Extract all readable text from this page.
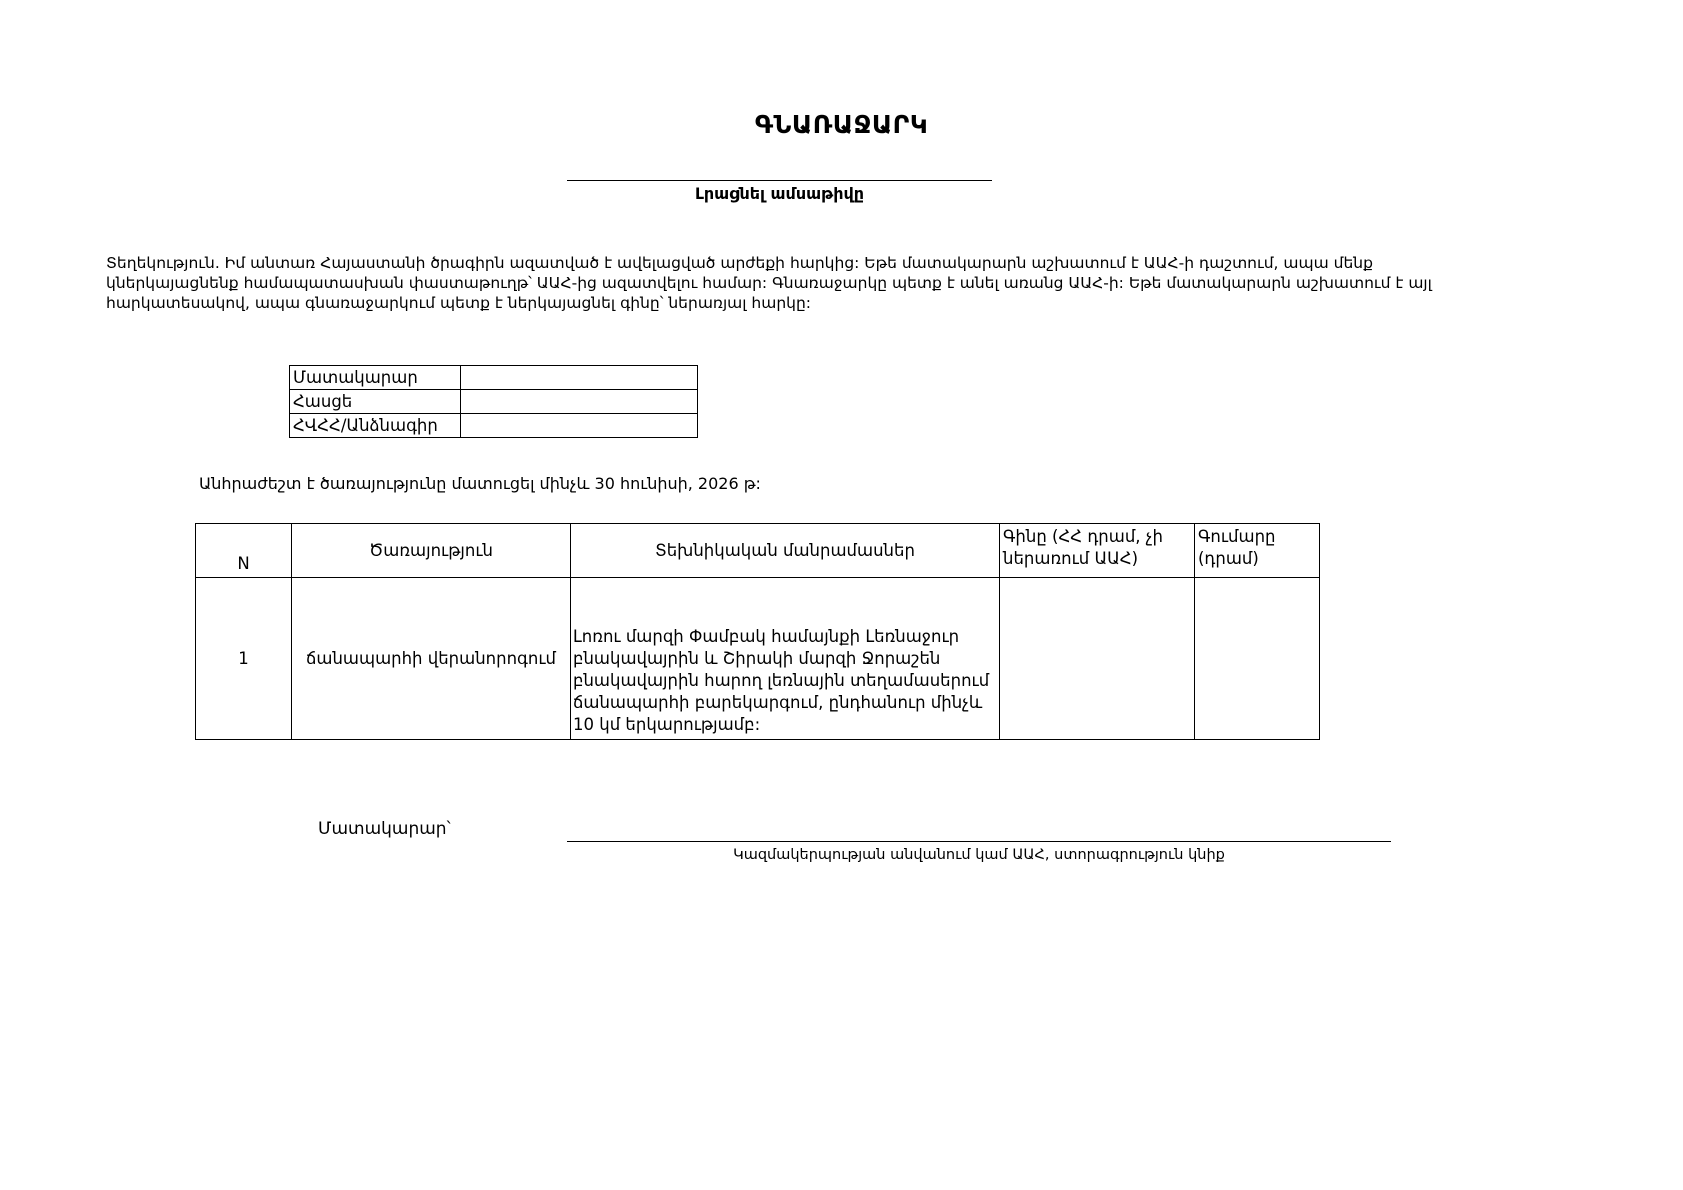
ԳՆԱՌԱՋԱՐԿ
Լրացնել ամսաթիվը
Տեղեկություն. Իմ անտառ Հայաստանի ծրագիրն ազատված է ավելացված արժեքի հարկից: Եթե մատակարարն աշխատում է ԱԱՀ-ի դաշտում, ապա մենք կներկայացնենք համապատասխան փաստաթուղթ՝ ԱԱՀ-ից ազատվելու համար: Գնառաջարկը պետք է անել առանց ԱԱՀ-ի: Եթե մատակարարն աշխատում է այլ հարկատեսակով, ապա գնառաջարկում պետք է ներկայացնել գինը՝ ներառյալ հարկը:
Մատակարար	
Հասցե	
ՀՎՀՀ/Անձնագիր	
Անհրաժեշտ է ծառայությունը մատուցել մինչև 30 հունիսի, 2026 թ:
N	Ծառայություն	Տեխնիկական մանրամասներ	Գինը (ՀՀ դրամ, չի ներառում ԱԱՀ)	Գումարը (դրամ)
1	ճանապարհի վերանորոգում	Լոռու մարզի Փամբակ համայնքի Լեռնաջուր բնակավայրին և Շիրակի մարզի Ջորաշեն բնակավայրին հարող լեռնային տեղամասերում ճանապարհի բարեկարգում, ընդհանուր մինչև 10 կմ երկարությամբ:		
Մատակարար՝
Կազմակերպության անվանում կամ ԱԱՀ, ստորագրություն կնիք
